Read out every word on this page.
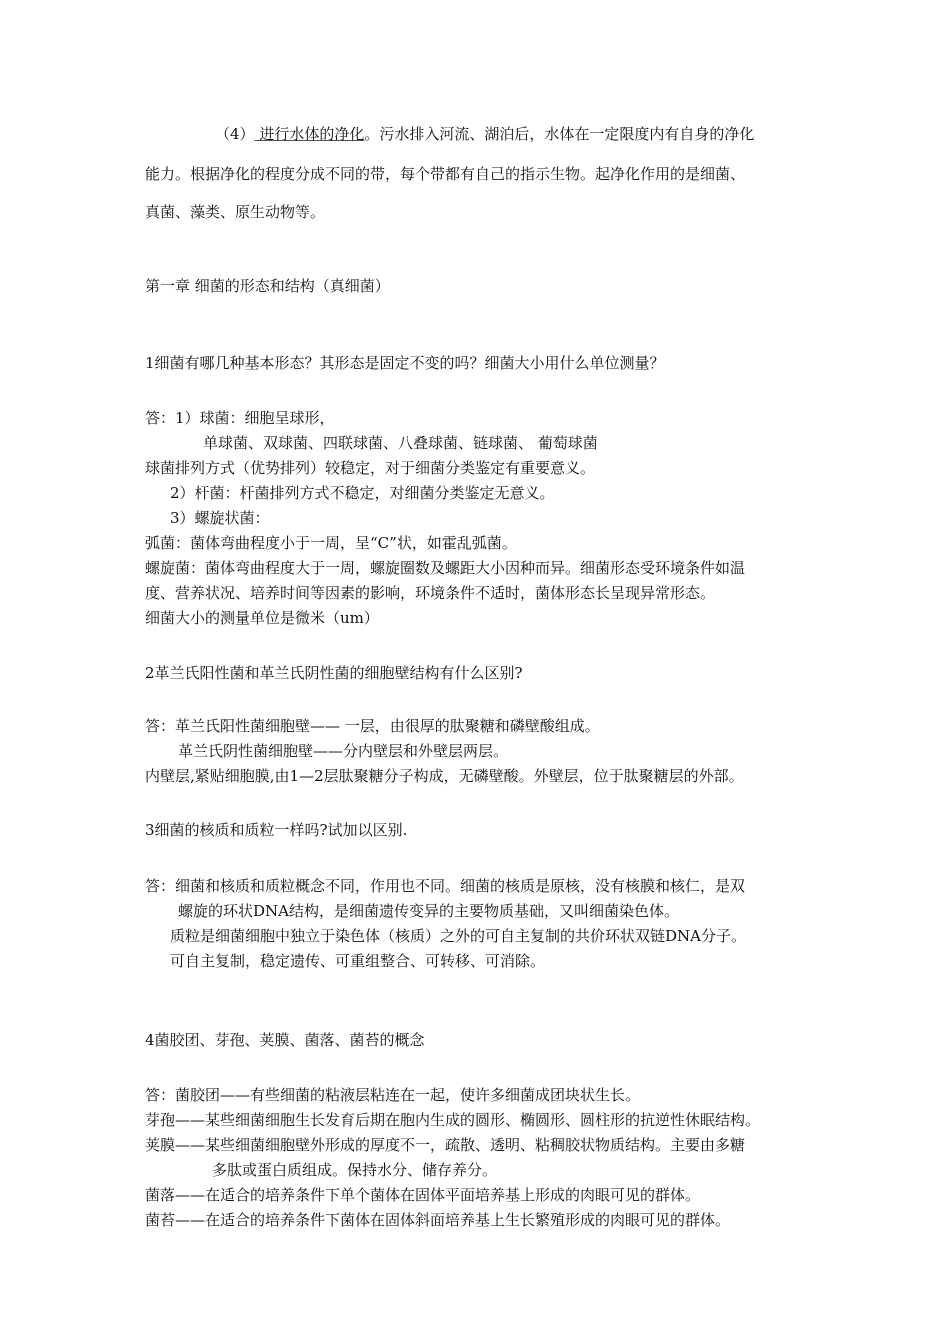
（4） 进行水体的净化。污水排入河流、湖泊后，水体在一定限度内有自身的净化
能力。根据净化的程度分成不同的带，每个带都有自己的指示生物。起净化作用的是细菌、
真菌、藻类、原生动物等。
第一章 细菌的形态和结构（真细菌）
1细菌有哪几种基本形态？其形态是固定不变的吗？细菌大小用什么单位测量？
答：1）球菌：细胞呈球形，
单球菌、双球菌、四联球菌、八叠球菌、链球菌、 葡萄球菌
球菌排列方式（优势排列）较稳定，对于细菌分类鉴定有重要意义。
2）杆菌：杆菌排列方式不稳定，对细菌分类鉴定无意义。
3）螺旋状菌：
弧菌：菌体弯曲程度小于一周，呈“C”状，如霍乱弧菌。
螺旋菌：菌体弯曲程度大于一周，螺旋圈数及螺距大小因种而异。细菌形态受环境条件如温
度、营养状况、培养时间等因素的影响，环境条件不适时，菌体形态长呈现异常形态。
细菌大小的测量单位是微米（um）
2革兰氏阳性菌和革兰氏阴性菌的细胞壁结构有什么区别?
答：革兰氏阳性菌细胞壁—— 一层，由很厚的肽聚糖和磷壁酸组成。
革兰氏阴性菌细胞壁——分内壁层和外壁层两层。
内壁层,紧贴细胞膜,由1—2层肽聚糖分子构成，无磷壁酸。外壁层，位于肽聚糖层的外部。
3细菌的核质和质粒一样吗?试加以区别.
答：细菌和核质和质粒概念不同，作用也不同。细菌的核质是原核，没有核膜和核仁，是双
螺旋的环状DNA结构，是细菌遗传变异的主要物质基础，又叫细菌染色体。
质粒是细菌细胞中独立于染色体（核质）之外的可自主复制的共价环状双链DNA分子。
可自主复制，稳定遗传、可重组整合、可转移、可消除。
4菌胶团、芽孢、荚膜、菌落、菌苔的概念
答：菌胶团——有些细菌的粘液层粘连在一起，使许多细菌成团块状生长。
芽孢——某些细菌细胞生长发育后期在胞内生成的圆形、椭圆形、圆柱形的抗逆性休眠结构。
荚膜——某些细菌细胞壁外形成的厚度不一，疏散、透明、粘稠胶状物质结构。主要由多糖
多肽或蛋白质组成。保持水分、储存养分。
菌落——在适合的培养条件下单个菌体在固体平面培养基上形成的肉眼可见的群体。
菌苔——在适合的培养条件下菌体在固体斜面培养基上生长繁殖形成的肉眼可见的群体。
